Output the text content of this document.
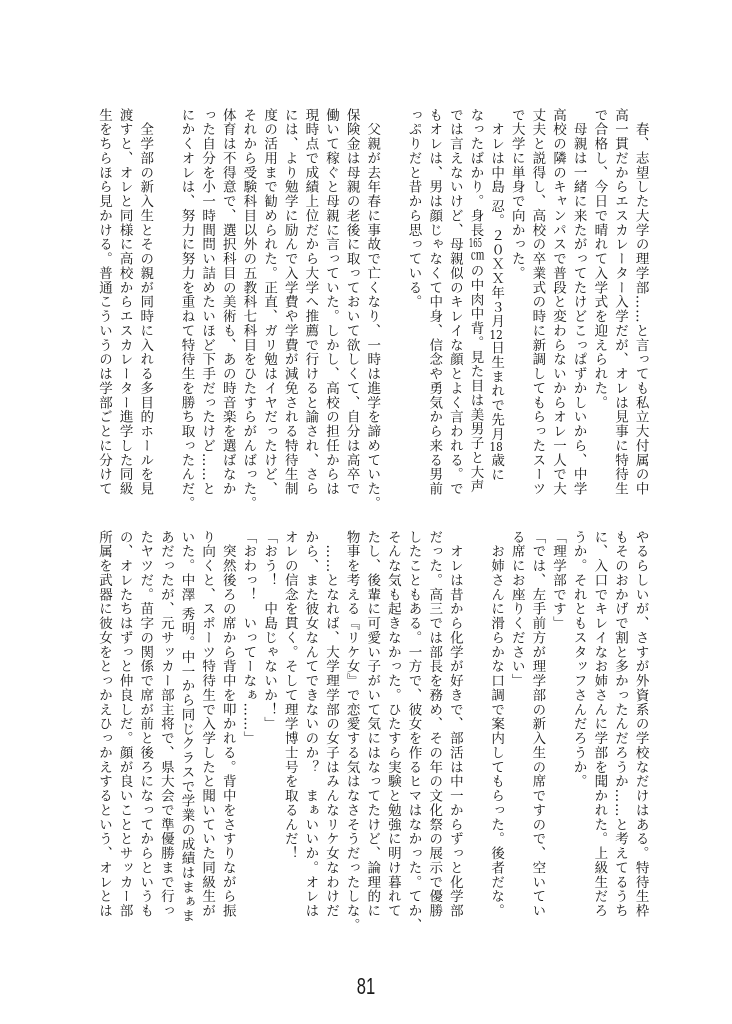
　春、志望した大学の理学部……と言っても私立大付属の中
高一貫だからエスカレーター入学だが、オレは見事に特待生
で合格し、今日で晴れて入学式を迎えられた。
　母親は一緒に来たがってたけどこっぱずかしいから、中学
高校の隣のキャンパスで普段と変わらないからオレ一人で大
丈夫と説得し、高校の卒業式の時に新調してもらったスーツ
で大学に単身で向かった。
　オレは中島 忍。２０ＸＸ年３月12日生まれで先月18歳に
なったばかり。身長165㎝の中肉中背。見た目は美男子と大声
では言えないけど、母親似のキレイな顔とよく言われる。で
もオレは、男は顔じゃなくて中身、信念や勇気から来る男前
っぷりだと昔から思っている。
　父親が去年春に事故で亡くなり、一時は進学を諦めていた。
保険金は母親の老後に取っておいて欲しくて、自分は高卒で
働いて稼ぐと母親に言っていた。しかし、高校の担任からは
現時点で成績上位だから大学へ推薦で行けると諭され、さら
には、より勉学に励んで入学費や学費が減免される特待生制
度の活用まで勧められた。正直、ガリ勉はイヤだったけど、
それから受験科目以外の五教科七科目をひたすらがんばった。
体育は不得意で、選択科目の美術も、あの時音楽を選ばなか
った自分を小一時間問い詰めたいほど下手だったけど……と
にかくオレは、努力に努力を重ねて特待生を勝ち取ったんだ。
　全学部の新入生とその親が同時に入れる多目的ホールを見
渡すと、オレと同様に高校からエスカレーター進学した同級
生をちらほら見かける。普通こういうのは学部ごとに分けて
やるらしいが、さすが外資系の学校なだけはある。特待生枠
もそのおかげで割と多かったんだろうか……と考えてるうち
に、入口でキレイなお姉さんに学部を聞かれた。上級生だろ
うか。それともスタッフさんだろうか。
「理学部です」
「では、左手前方が理学部の新入生の席ですので、空いてい
る席にお座りください」
　お姉さんに滑らかな口調で案内してもらった。後者だな。
　オレは昔から化学が好きで、部活は中一からずっと化学部
だった。高三では部長を務め、その年の文化祭の展示で優勝
したこともある。一方で、彼女を作るヒマはなかった。てか、
そんな気も起きなかった。ひたすら実験と勉強に明け暮れて
たし、後輩に可愛い子がいて気にはなってたけど、論理的に
物事を考える『リケ女』で恋愛する気はなさそうだったしな。
　……となれば、大学理学部の女子はみんなリケ女なわけだ
から、また彼女なんてできないのか？　まぁいいか。オレは
オレの信念を貫く。そして理学博士号を取るんだ！
「おう！　中島じゃないか！」
「おわっ！　いってーなぁ……」
　突然後ろの席から背中を叩かれる。背中をさすりながら振
り向くと、スポーツ特待生で入学したと聞いていた同級生が
いた。中澤 秀明。中一から同じクラスで学業の成績はまぁま
あだったが、元サッカー部主将で、県大会で準優勝まで行っ
たヤツだ。苗字の関係で席が前と後ろになってからというも
の、オレたちはずっと仲良しだ。顔が良いこととサッカー部
所属を武器に彼女をとっかえひっかえするという、オレとは
81
